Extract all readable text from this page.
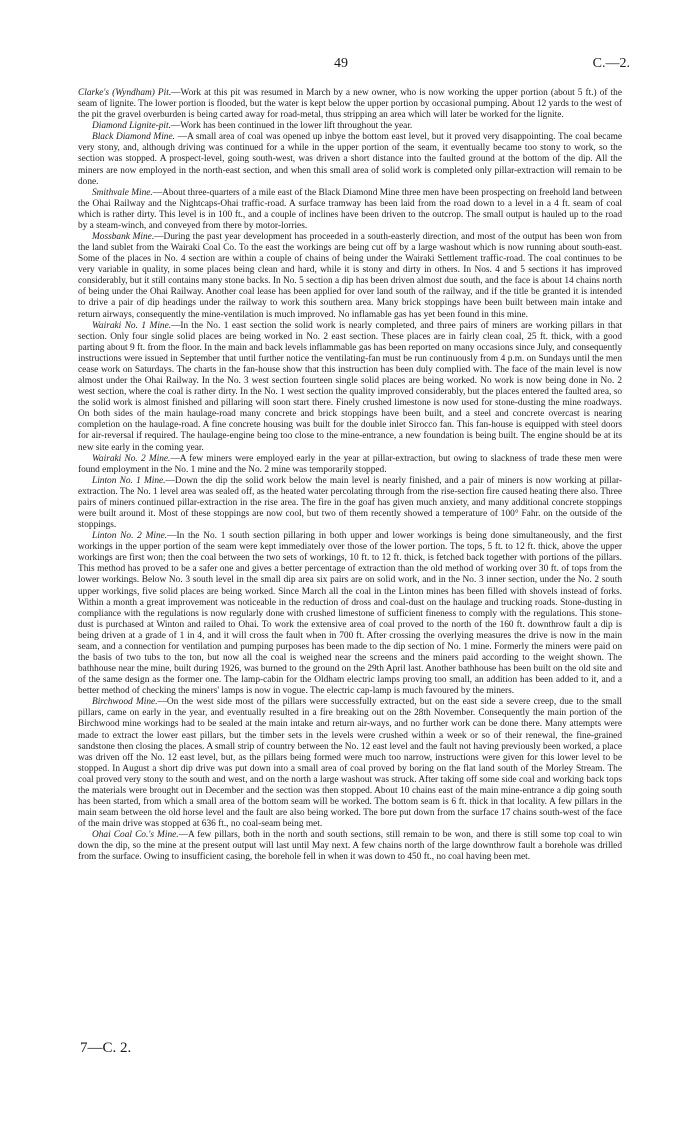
49	C.—2.

Clarke's (Wyndham) Pit.—Work at this pit was resumed in March by a new owner, who is now working the upper portion (about 5 ft.) of the seam of lignite. The lower portion is flooded, but the water is kept below the upper portion by occasional pumping. About 12 yards to the west of the pit the gravel overburden is being carted away for road-metal, thus stripping an area which will later be worked for the lignite.

Diamond Lignite-pit.—Work has been continued in the lower lift throughout the year.

Black Diamond Mine. —A small area of coal was opened up inbye the bottom east level, but it proved very disappointing. The coal became very stony, and, although driving was continued for a while in the upper portion of the seam, it eventually became too stony to work, so the section was stopped. A prospect-level, going south-west, was driven a short distance into the faulted ground at the bottom of the dip. All the miners are now employed in the north-east section, and when this small area of solid work is completed only pillar-extraction will remain to be done.

Smithvale Mine.—About three-quarters of a mile east of the Black Diamond Mine three men have been prospecting on freehold land between the Ohai Railway and the Nightcaps-Ohai traffic-road. A surface tramway has been laid from the road down to a level in a 4 ft. seam of coal which is rather dirty. This level is in 100 ft., and a couple of inclines have been driven to the outcrop. The small output is hauled up to the road by a steam-winch, and conveyed from there by motor-lorries.

Mossbank Mine.—During the past year development has proceeded in a south-easterly direction, and most of the output has been won from the land sublet from the Wairaki Coal Co. To the east the workings are being cut off by a large washout which is now running about south-east. Some of the places in No. 4 section are within a couple of chains of being under the Wairaki Settlement traffic-road. The coal continues to be very variable in quality, in some places being clean and hard, while it is stony and dirty in others. In Nos. 4 and 5 sections it has improved considerably, but it still contains many stone backs. In No. 5 section a dip has been driven almost due south, and the face is about 14 chains north of being under the Ohai Railway. Another coal lease has been applied for over land south of the railway, and if the title be granted it is intended to drive a pair of dip headings under the railway to work this southern area. Many brick stoppings have been built between main intake and return airways, consequently the mine-ventilation is much improved. No inflamable gas has yet been found in this mine.

Wairaki No. 1 Mine.—In the No. 1 east section the solid work is nearly completed, and three pairs of miners are working pillars in that section. Only four single solid places are being worked in No. 2 east section. These places are in fairly clean coal, 25 ft. thick, with a good parting about 9 ft. from the floor. In the main and back levels inflammable gas has been reported on many occasions since July, and consequently instructions were issued in September that until further notice the ventilating-fan must be run continuously from 4 p.m. on Sundays until the men cease work on Saturdays. The charts in the fan-house show that this instruction has been duly complied with. The face of the main level is now almost under the Ohai Railway. In the No. 3 west section fourteen single solid places are being worked. No work is now being done in No. 2 west section, where the coal is rather dirty. In the No. 1 west section the quality improved considerably, but the places entered the faulted area, so the solid work is almost finished and pillaring will soon start there. Finely crushed limestone is now used for stone-dusting the mine roadways. On both sides of the main haulage-road many concrete and brick stoppings have been built, and a steel and concrete overcast is nearing completion on the haulage-road. A fine concrete housing was built for the double inlet Sirocco fan. This fan-house is equipped with steel doors for air-reversal if required. The haulage-engine being too close to the mine-entrance, a new foundation is being built. The engine should be at its new site early in the coming year.

Wairaki No. 2 Mine.—A few miners were employed early in the year at pillar-extraction, but owing to slackness of trade these men were found employment in the No. 1 mine and the No. 2 mine was temporarily stopped.

Linton No. 1 Mine.—Down the dip the solid work below the main level is nearly finished, and a pair of miners is now working at pillar-extraction. The No. 1 level area was sealed off, as the heated water percolating through from the rise-section fire caused heating there also. Three pairs of miners continued pillar-extraction in the rise area. The fire in the goaf has given much anxiety, and many additional concrete stoppings were built around it. Most of these stoppings are now cool, but two of them recently showed a temperature of 100° Fahr. on the outside of the stoppings.

Linton No. 2 Mine.—In the No. 1 south section pillaring in both upper and lower workings is being done simultaneously, and the first workings in the upper portion of the seam were kept immediately over those of the lower portion. The tops, 5 ft. to 12 ft. thick, above the upper workings are first won; then the coal between the two sets of workings, 10 ft. to 12 ft. thick, is fetched back together with portions of the pillars. This method has proved to be a safer one and gives a better percentage of extraction than the old method of working over 30 ft. of tops from the lower workings. Below No. 3 south level in the small dip area six pairs are on solid work, and in the No. 3 inner section, under the No. 2 south upper workings, five solid places are being worked. Since March all the coal in the Linton mines has been filled with shovels instead of forks. Within a month a great improvement was noticeable in the reduction of dross and coal-dust on the haulage and trucking roads. Stone-dusting in compliance with the regulations is now regularly done with crushed limestone of sufficient fineness to comply with the regulations. This stone-dust is purchased at Winton and railed to Ohai. To work the extensive area of coal proved to the north of the 160 ft. downthrow fault a dip is being driven at a grade of 1 in 4, and it will cross the fault when in 700 ft. After crossing the overlying measures the drive is now in the main seam, and a connection for ventilation and pumping purposes has been made to the dip section of No. 1 mine. Formerly the miners were paid on the basis of two tubs to the ton, but now all the coal is weighed near the screens and the miners paid according to the weight shown. The bathhouse near the mine, built during 1926, was burned to the ground on the 29th April last. Another bathhouse has been built on the old site and of the same design as the former one. The lamp-cabin for the Oldham electric lamps proving too small, an addition has been added to it, and a better method of checking the miners' lamps is now in vogue. The electric cap-lamp is much favoured by the miners.

Birchwood Mine.—On the west side most of the pillars were successfully extracted, but on the east side a severe creep, due to the small pillars, came on early in the year, and eventually resulted in a fire breaking out on the 28th November. Consequently the main portion of the Birchwood mine workings had to be sealed at the main intake and return air-ways, and no further work can be done there. Many attempts were made to extract the lower east pillars, but the timber sets in the levels were crushed within a week or so of their renewal, the fine-grained sandstone then closing the places. A small strip of country between the No. 12 east level and the fault not having previously been worked, a place was driven off the No. 12 east level, but, as the pillars being formed were much too narrow, instructions were given for this lower level to be stopped. In August a short dip drive was put down into a small area of coal proved by boring on the flat land south of the Morley Stream. The coal proved very stony to the south and west, and on the north a large washout was struck. After taking off some side coal and working back tops the materials were brought out in December and the section was then stopped. About 10 chains east of the main mine-entrance a dip going south has been started, from which a small area of the bottom seam will be worked. The bottom seam is 6 ft. thick in that locality. A few pillars in the main seam between the old horse level and the fault are also being worked. The bore put down from the surface 17 chains south-west of the face of the main drive was stopped at 636 ft., no coal-seam being met.

Ohai Coal Co.'s Mine.—A few pillars, both in the north and south sections, still remain to be won, and there is still some top coal to win down the dip, so the mine at the present output will last until May next. A few chains north of the large downthrow fault a borehole was drilled from the surface. Owing to insufficient casing, the borehole fell in when it was down to 450 ft., no coal having been met.

7—C. 2.
